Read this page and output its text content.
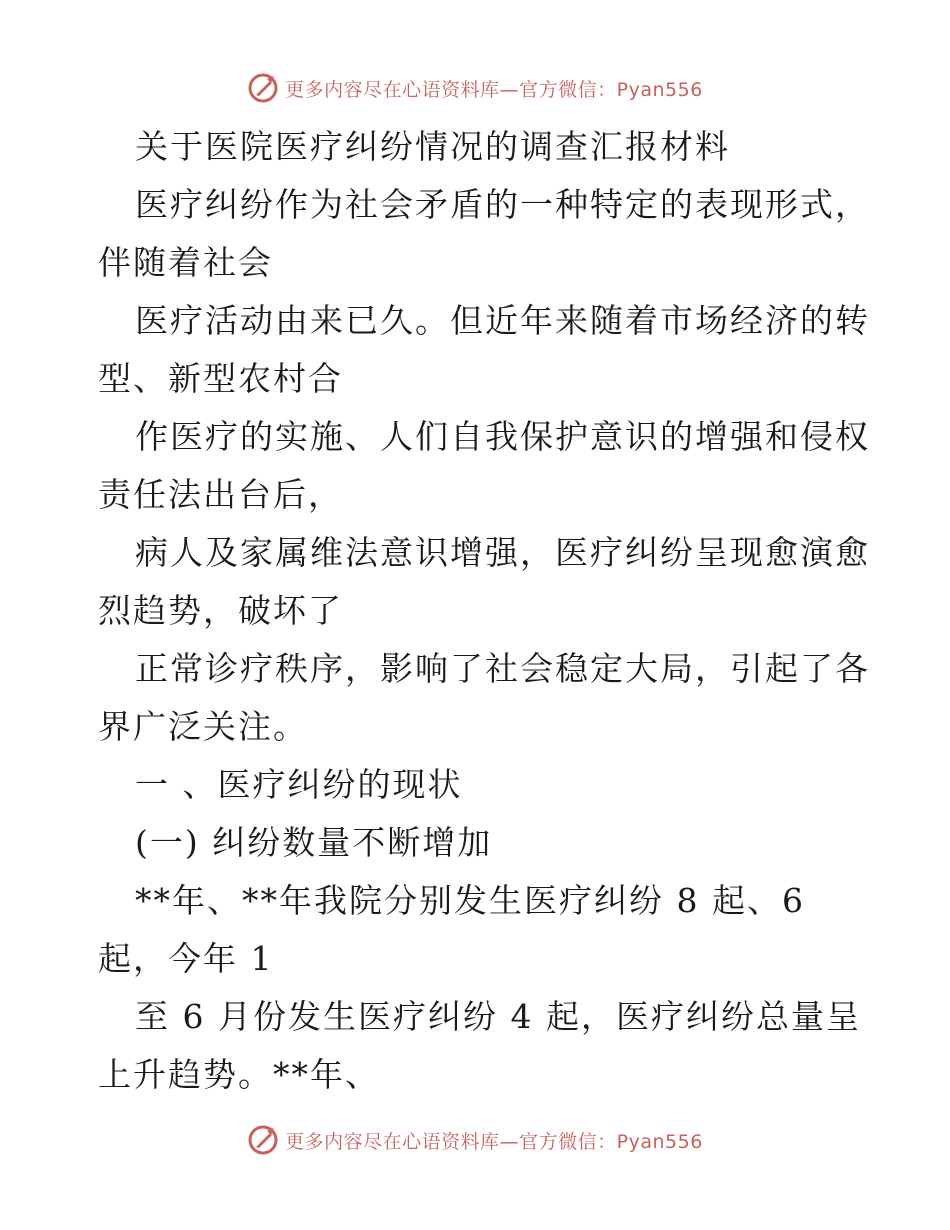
更多内容尽在心语资料库—官方微信：Pyan556
关于医院医疗纠纷情况的调查汇报材料
医疗纠纷作为社会矛盾的一种特定的表现形式，
伴随着社会
医疗活动由来已久。但近年来随着市场经济的转
型、新型农村合
作医疗的实施、人们自我保护意识的增强和侵权
责任法出台后，
病人及家属维法意识增强，医疗纠纷呈现愈演愈
烈趋势，破坏了
正常诊疗秩序，影响了社会稳定大局，引起了各
界广泛关注。
一 、医疗纠纷的现状
(一) 纠纷数量不断增加
**年、**年我院分别发生医疗纠纷 8 起、6
起，今年 1
至 6 月份发生医疗纠纷 4 起，医疗纠纷总量呈
上升趋势。**年、
更多内容尽在心语资料库—官方微信：Pyan556
